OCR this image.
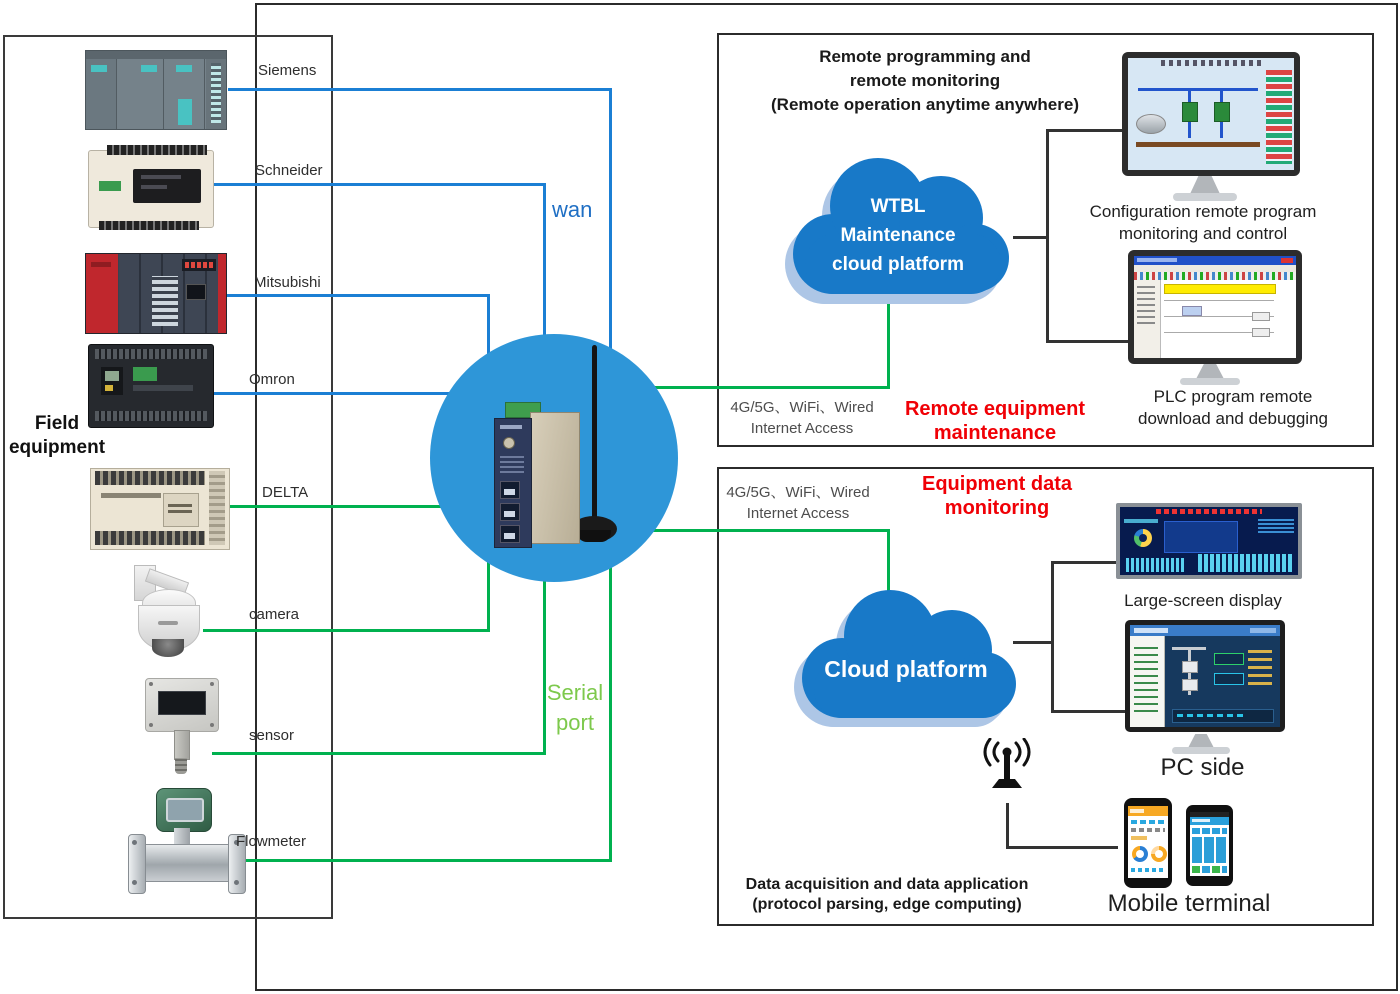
WTBL
Maintenance
cloud platform
Cloud platform
Configuration remote program
monitoring and control
PLC program remote
download and debugging
Large-screen display
PC side
Mobile terminal
Field
equipment
Siemens
Schneider
Mitsubishi
Omron
DELTA
camera
sensor
Flowmeter
wan
Serial
port
Remote programming and
remote monitoring
(Remote operation anytime anywhere)
4G/5G、WiFi、Wired
Internet Access
Remote equipment
maintenance
4G/5G、WiFi、Wired
Internet Access
Equipment data
monitoring
Data acquisition and data application
(protocol parsing, edge computing)
